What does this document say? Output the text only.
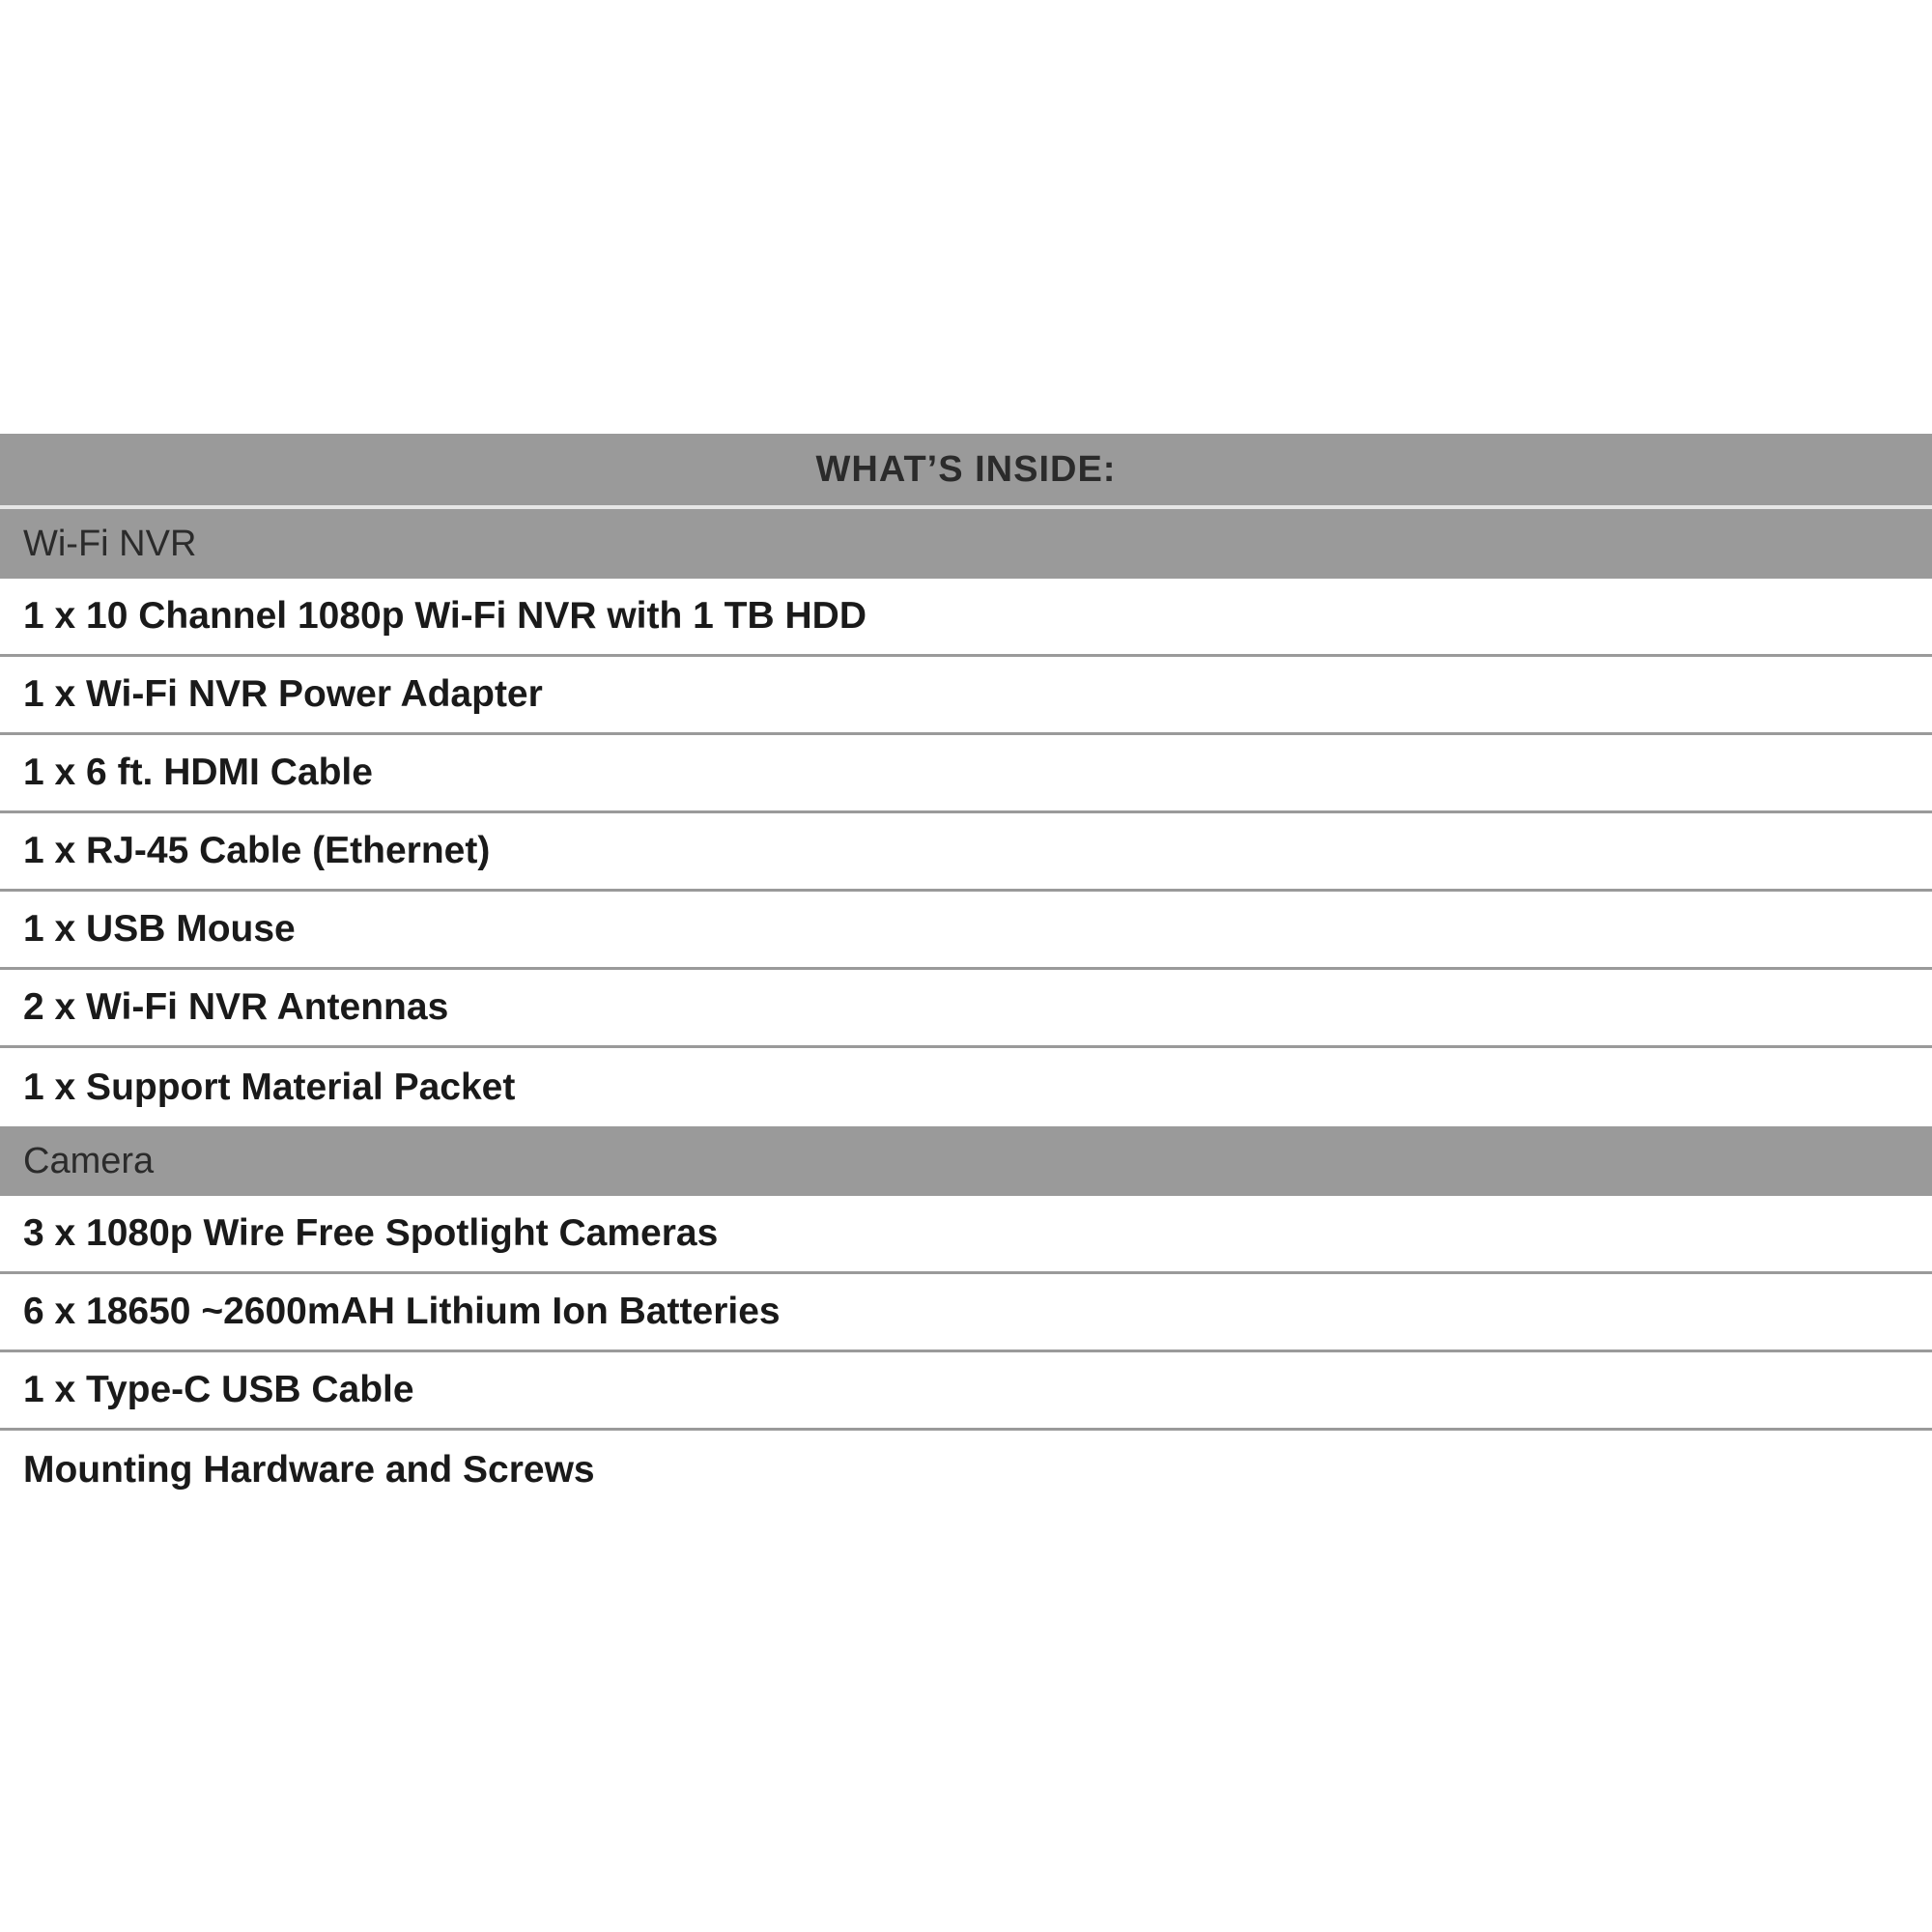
WHAT’S INSIDE:
Wi-Fi NVR
1 x 10 Channel 1080p Wi-Fi NVR with 1 TB HDD
1 x Wi-Fi NVR Power Adapter
1 x 6 ft. HDMI Cable
1 x RJ-45 Cable (Ethernet)
1 x USB Mouse
2 x Wi-Fi NVR Antennas
1 x Support Material Packet
Camera
3 x 1080p Wire Free Spotlight Cameras
6 x 18650 ~2600mAH Lithium Ion Batteries
1 x Type-C USB Cable
Mounting Hardware and Screws
